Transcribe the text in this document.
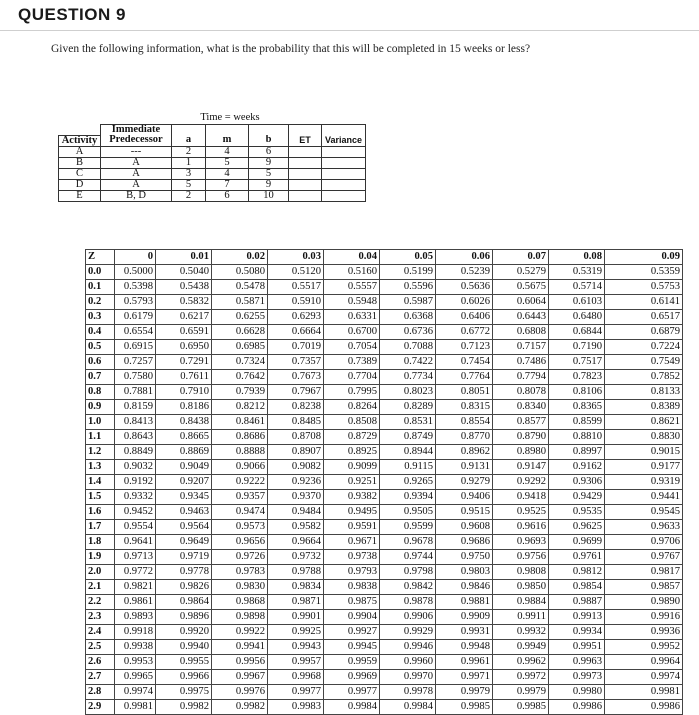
QUESTION 9

Given the following information, what is the probability that this will be completed in 15 weeks or less?

		Time = weeks				
	Immediate					
Activity	Predecessor	a	m	b	ET	Variance
A	---	2	4	6		
B	A	1	5	9		
C	A	3	4	5		
D	A	5	7	9		
E	B, D	2	6	10		
Z	0	0.01	0.02	0.03	0.04	0.05	0.06	0.07	0.08	0.09
0.0	0.5000	0.5040	0.5080	0.5120	0.5160	0.5199	0.5239	0.5279	0.5319	0.5359
0.1	0.5398	0.5438	0.5478	0.5517	0.5557	0.5596	0.5636	0.5675	0.5714	0.5753
0.2	0.5793	0.5832	0.5871	0.5910	0.5948	0.5987	0.6026	0.6064	0.6103	0.6141
0.3	0.6179	0.6217	0.6255	0.6293	0.6331	0.6368	0.6406	0.6443	0.6480	0.6517
0.4	0.6554	0.6591	0.6628	0.6664	0.6700	0.6736	0.6772	0.6808	0.6844	0.6879
0.5	0.6915	0.6950	0.6985	0.7019	0.7054	0.7088	0.7123	0.7157	0.7190	0.7224
0.6	0.7257	0.7291	0.7324	0.7357	0.7389	0.7422	0.7454	0.7486	0.7517	0.7549
0.7	0.7580	0.7611	0.7642	0.7673	0.7704	0.7734	0.7764	0.7794	0.7823	0.7852
0.8	0.7881	0.7910	0.7939	0.7967	0.7995	0.8023	0.8051	0.8078	0.8106	0.8133
0.9	0.8159	0.8186	0.8212	0.8238	0.8264	0.8289	0.8315	0.8340	0.8365	0.8389
1.0	0.8413	0.8438	0.8461	0.8485	0.8508	0.8531	0.8554	0.8577	0.8599	0.8621
1.1	0.8643	0.8665	0.8686	0.8708	0.8729	0.8749	0.8770	0.8790	0.8810	0.8830
1.2	0.8849	0.8869	0.8888	0.8907	0.8925	0.8944	0.8962	0.8980	0.8997	0.9015
1.3	0.9032	0.9049	0.9066	0.9082	0.9099	0.9115	0.9131	0.9147	0.9162	0.9177
1.4	0.9192	0.9207	0.9222	0.9236	0.9251	0.9265	0.9279	0.9292	0.9306	0.9319
1.5	0.9332	0.9345	0.9357	0.9370	0.9382	0.9394	0.9406	0.9418	0.9429	0.9441
1.6	0.9452	0.9463	0.9474	0.9484	0.9495	0.9505	0.9515	0.9525	0.9535	0.9545
1.7	0.9554	0.9564	0.9573	0.9582	0.9591	0.9599	0.9608	0.9616	0.9625	0.9633
1.8	0.9641	0.9649	0.9656	0.9664	0.9671	0.9678	0.9686	0.9693	0.9699	0.9706
1.9	0.9713	0.9719	0.9726	0.9732	0.9738	0.9744	0.9750	0.9756	0.9761	0.9767
2.0	0.9772	0.9778	0.9783	0.9788	0.9793	0.9798	0.9803	0.9808	0.9812	0.9817
2.1	0.9821	0.9826	0.9830	0.9834	0.9838	0.9842	0.9846	0.9850	0.9854	0.9857
2.2	0.9861	0.9864	0.9868	0.9871	0.9875	0.9878	0.9881	0.9884	0.9887	0.9890
2.3	0.9893	0.9896	0.9898	0.9901	0.9904	0.9906	0.9909	0.9911	0.9913	0.9916
2.4	0.9918	0.9920	0.9922	0.9925	0.9927	0.9929	0.9931	0.9932	0.9934	0.9936
2.5	0.9938	0.9940	0.9941	0.9943	0.9945	0.9946	0.9948	0.9949	0.9951	0.9952
2.6	0.9953	0.9955	0.9956	0.9957	0.9959	0.9960	0.9961	0.9962	0.9963	0.9964
2.7	0.9965	0.9966	0.9967	0.9968	0.9969	0.9970	0.9971	0.9972	0.9973	0.9974
2.8	0.9974	0.9975	0.9976	0.9977	0.9977	0.9978	0.9979	0.9979	0.9980	0.9981
2.9	0.9981	0.9982	0.9982	0.9983	0.9984	0.9984	0.9985	0.9985	0.9986	0.9986
